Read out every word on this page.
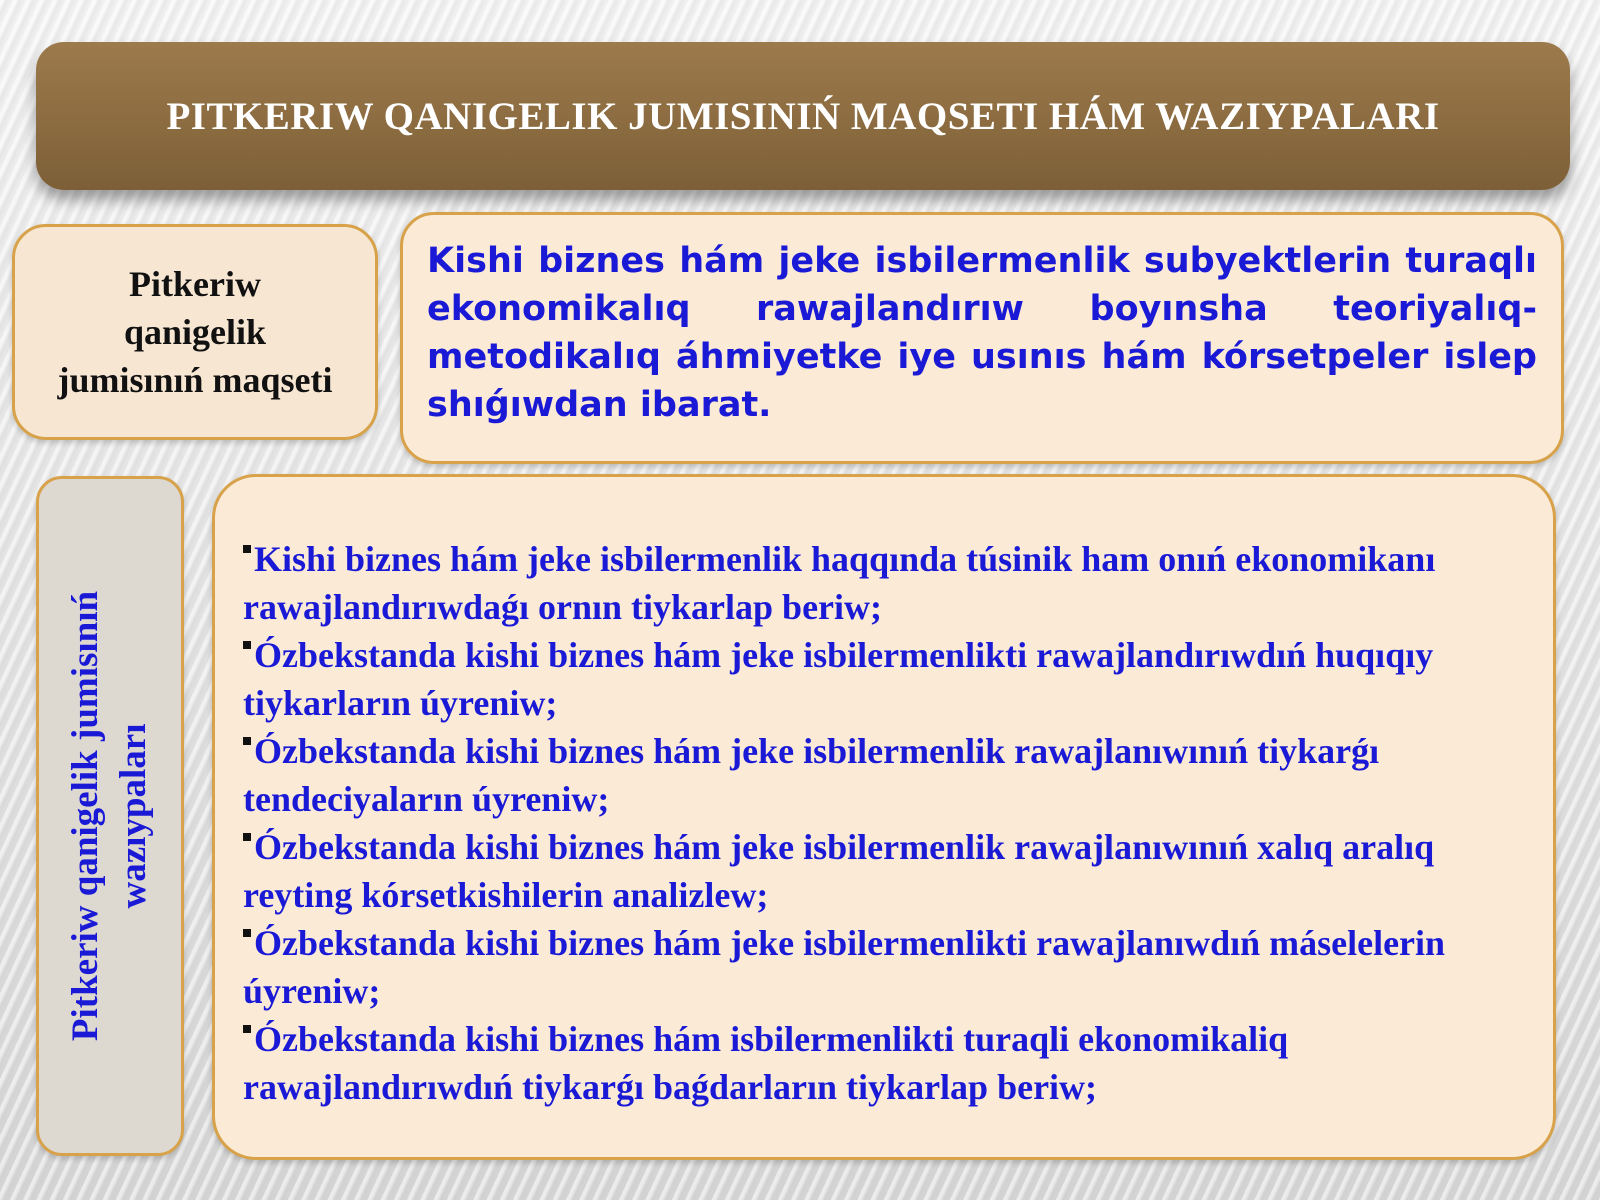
PITKERIW QANIGELIK JUMISINIŃ MAQSETI HÁM WAZIYPALARI
Pitkeriw
qanigelik
jumisınıń maqseti

Kishi biznes hám jeke isbilermenlik subyektlerin turaqlı ekonomikalıq rawajlandırıw boyınsha teoriyalıq-metodikalıq áhmiyetke iye usınıs hám kórsetpeler islep shıǵıwdan ibarat.

Pitkeriw qanigelik jumisınıń wazıypaları
Kishi biznes hám jeke isbilermenlik haqqında túsinik ham onıń ekonomikanı rawajlandırıwdaǵı ornın tiykarlap beriw;
Ózbekstanda kishi biznes hám jeke isbilermenlikti rawajlandırıwdıń huqıqıy tiykarların úyreniw;
Ózbekstanda kishi biznes hám jeke isbilermenlik rawajlanıwınıń tiykarǵı tendeciyaların úyreniw;
Ózbekstanda kishi biznes hám jeke isbilermenlik rawajlanıwınıń xalıq aralıq reyting kórsetkishilerin analizlew;
Ózbekstanda kishi biznes hám jeke isbilermenlikti rawajlanıwdıń máselelerin úyreniw;
Ózbekstanda kishi biznes hám isbilermenlikti turaqli ekonomikaliq rawajlandırıwdıń tiykarǵı baǵdarların tiykarlap beriw;
